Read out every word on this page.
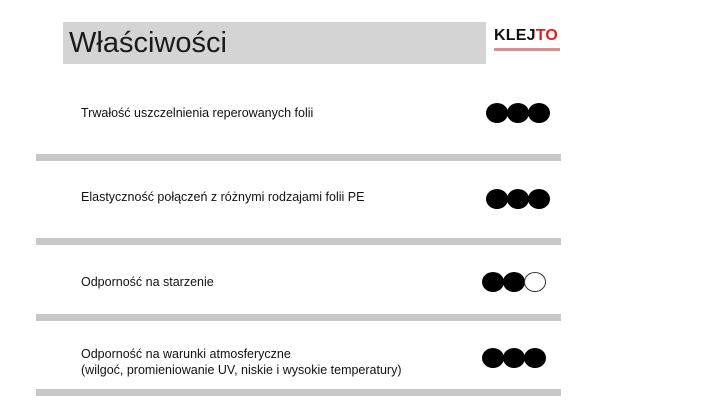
Właściwości	KLEJTO
Trwałość uszczelnienia reperowanych folii
Elastyczność połączeń z różnymi rodzajami folii PE
Odporność na starzenie
Odporność na warunki atmosferyczne
(wilgoć, promieniowanie UV, niskie i wysokie temperatury)
